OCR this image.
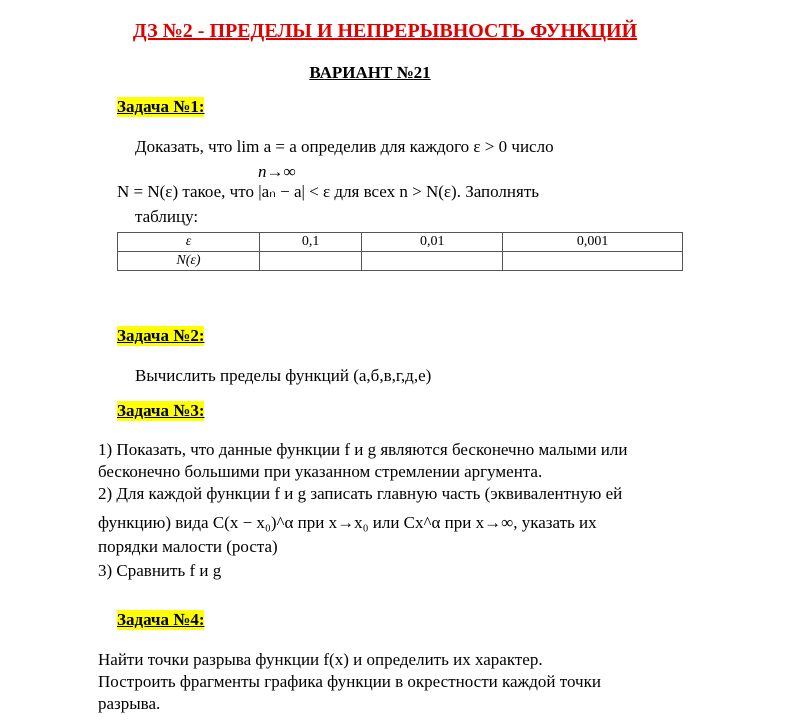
ДЗ №2 - ПРЕДЕЛЫ И НЕПРЕРЫВНОСТЬ ФУНКЦИЙ
ВАРИАНТ №21
Задача №1:
Доказать, что lim a = a определив для каждого ε > 0 число
n→∞
N = N(ε) такое, что |aₙ − a| < ε для всех n > N(ε). Заполнять
таблицу:
ε	0,1	0,01	0,001
N(ε)			
Задача №2:
Вычислить пределы функций (а,б,в,г,д,е)
Задача №3:
1) Показать, что данные функции f и g являются бесконечно малыми или
бесконечно большими при указанном стремлении аргумента.
2) Для каждой функции f и g записать главную часть (эквивалентную ей
функцию) вида C(x − x₀)^α при x→x₀ или Cx^α при x→∞, указать их
порядки малости (роста)
3) Сравнить f и g
Задача №4:
Найти точки разрыва функции f(x) и определить их характер.
Построить фрагменты графика функции в окрестности каждой точки
разрыва.
